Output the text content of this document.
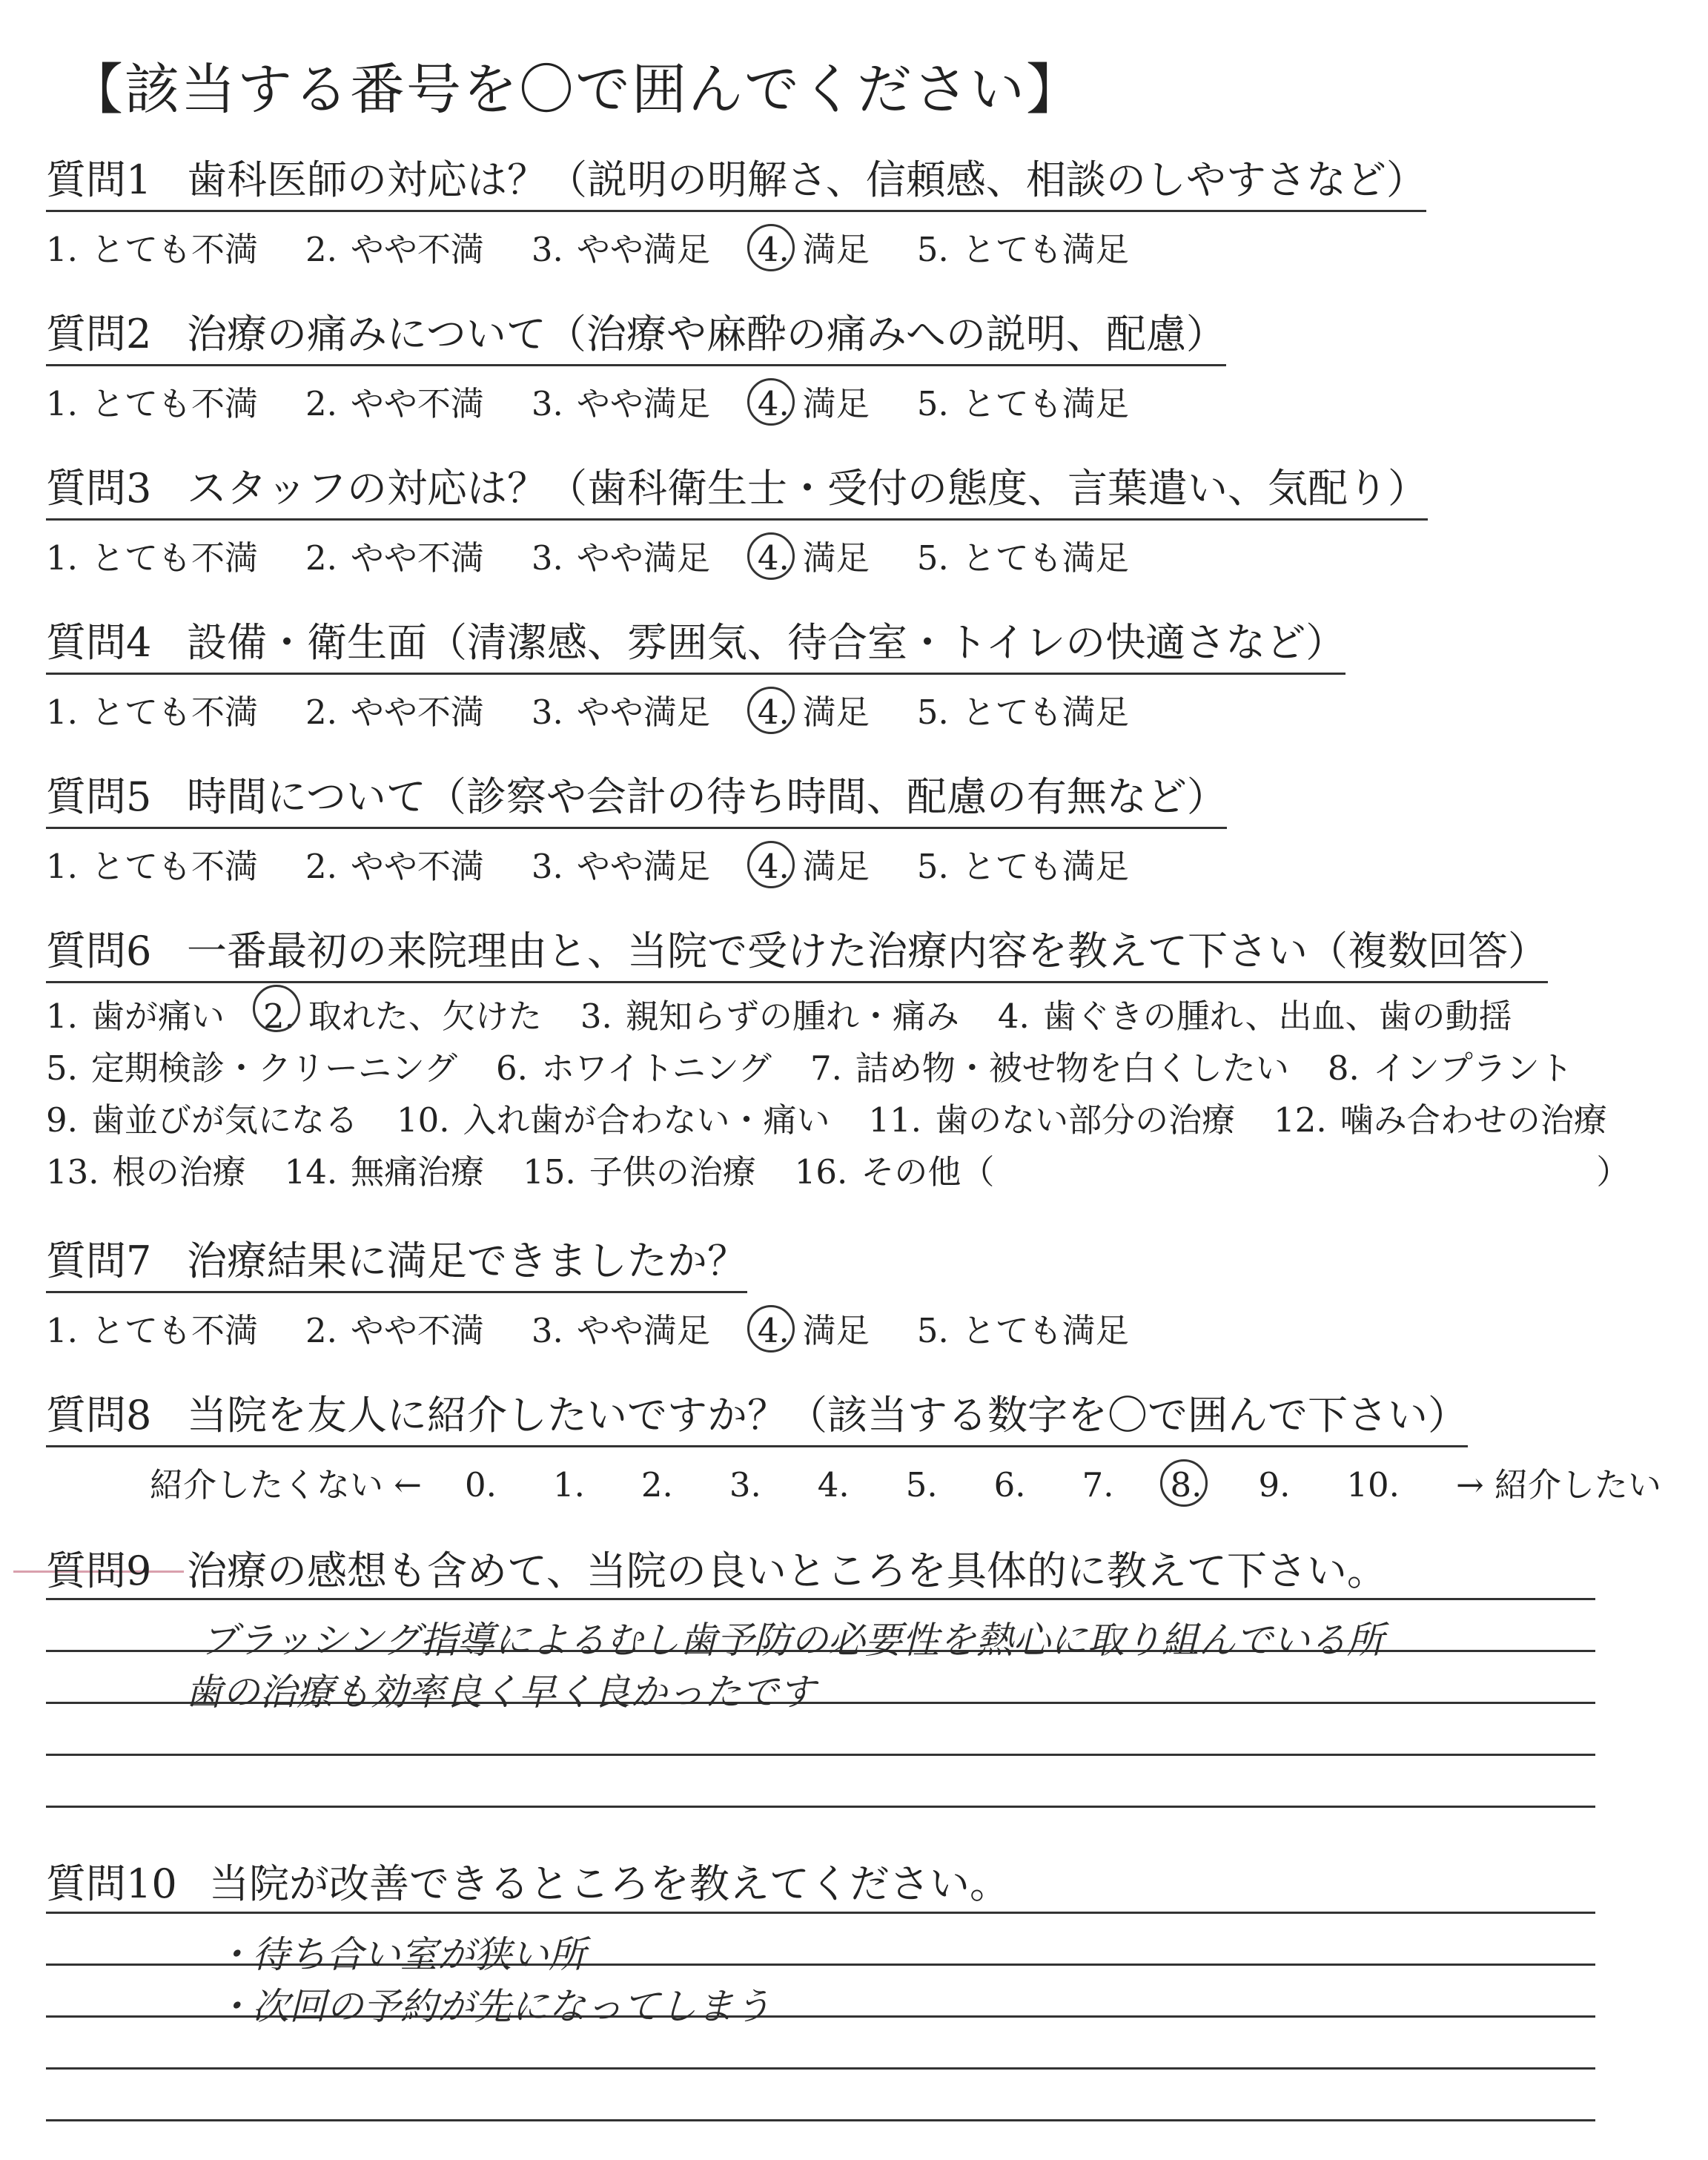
【該当する番号を〇で囲んでください】
質問1 歯科医師の対応は？（説明の明解さ、信頼感、相談のしやすさなど）
1. とても不満 2. やや不満 3. やや満足 4. 満足 5. とても満足
質問2 治療の痛みについて（治療や麻酔の痛みへの説明、配慮）
1. とても不満 2. やや不満 3. やや満足 4. 満足 5. とても満足
質問3 スタッフの対応は？（歯科衛生士・受付の態度、言葉遣い、気配り）
1. とても不満 2. やや不満 3. やや満足 4. 満足 5. とても満足
質問4 設備・衛生面（清潔感、雰囲気、待合室・トイレの快適さなど）
1. とても不満 2. やや不満 3. やや満足 4. 満足 5. とても満足
質問5 時間について（診察や会計の待ち時間、配慮の有無など）
1. とても不満 2. やや不満 3. やや満足 4. 満足 5. とても満足
質問6 一番最初の来院理由と、当院で受けた治療内容を教えて下さい（複数回答）
1. 歯が痛い 2. 取れた、欠けた 3. 親知らずの腫れ・痛み 4. 歯ぐきの腫れ、出血、歯の動揺
5. 定期検診・クリーニング 6. ホワイトニング 7. 詰め物・被せ物を白くしたい 8. インプラント
9. 歯並びが気になる 10. 入れ歯が合わない・痛い 11. 歯のない部分の治療 12. 噛み合わせの治療
13. 根の治療 14. 無痛治療 15. 子供の治療 16. その他（	）
質問7 治療結果に満足できましたか？
1. とても不満 2. やや不満 3. やや満足 4. 満足 5. とても満足
質問8 当院を友人に紹介したいですか？（該当する数字を〇で囲んで下さい）
紹介したくない ← 0. 1. 2. 3. 4. 5. 6. 7. 8. 9. 10. → 紹介したい
質問9 治療の感想も含めて、当院の良いところを具体的に教えて下さい。
ブラッシング指導によるむし歯予防の必要性を熱心に取り組んでいる所
歯の治療も効率良く早く良かったです
質問10 当院が改善できるところを教えてください。
・待ち合い室が狭い所
・次回の予約が先になってしまう
